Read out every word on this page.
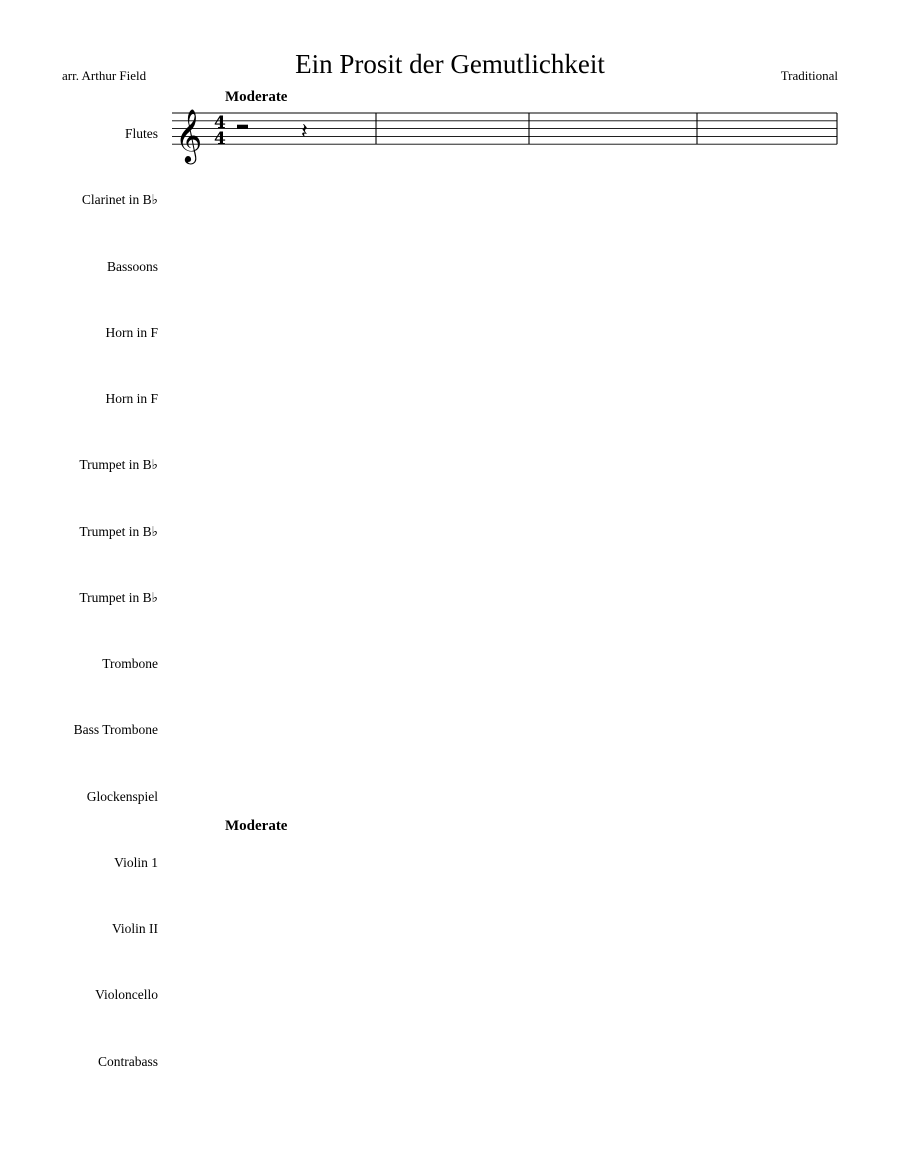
Ein Prosit der Gemutlichkeit
arr. Arthur Field	Traditional
Moderate
Moderate
Flutes
Clarinet in B♭
Bassoons
Horn in F
Horn in F
Trumpet in B♭
Trumpet in B♭
Trumpet in B♭
Trombone
Bass Trombone
Glockenspiel
Violin 1
Violin II
Violoncello
Contrabass
𝄞 4
4	𝄽
